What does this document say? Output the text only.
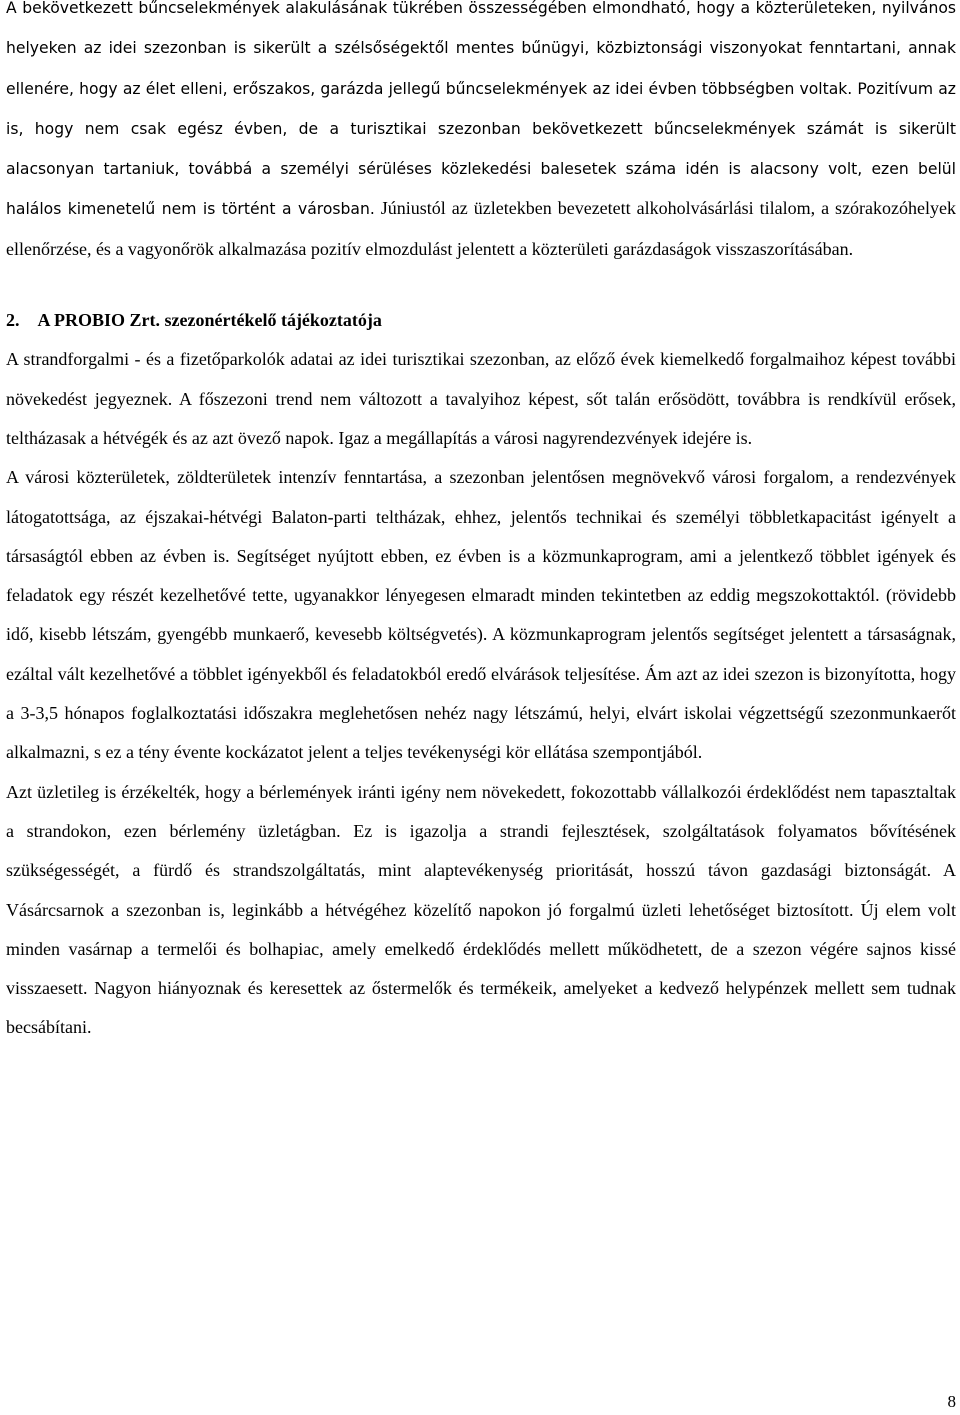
A bekövetkezett bűncselekmények alakulásának tükrében összességében elmondható, hogy a közterületeken, nyilvános helyeken az idei szezonban is sikerült a szélsőségektől mentes bűnügyi, közbiztonsági viszonyokat fenntartani, annak ellenére, hogy az élet elleni, erőszakos, garázda jellegű bűncselekmények az idei évben többségben voltak. Pozitívum az is, hogy nem csak egész évben, de a turisztikai szezonban bekövetkezett bűncselekmények számát is sikerült alacsonyan tartaniuk, továbbá a személyi sérüléses közlekedési balesetek száma idén is alacsony volt, ezen belül halálos kimenetelű nem is történt a városban. Júniustól az üzletekben bevezetett alkoholvásárlási tilalom, a szórakozóhelyek ellenőrzése, és a vagyonőrök alkalmazása pozitív elmozdulást jelentett a közterületi garázdaságok visszaszorításában.

2. A PROBIO Zrt. szezonértékelő tájékoztatója

A strandforgalmi - és a fizetőparkolók adatai az idei turisztikai szezonban, az előző évek kiemelkedő forgalmaihoz képest további növekedést jegyeznek. A főszezoni trend nem változott a tavalyihoz képest, sőt talán erősödött, továbbra is rendkívül erősek, teltházasak a hétvégék és az azt övező napok. Igaz a megállapítás a városi nagyrendezvények idejére is.

A városi közterületek, zöldterületek intenzív fenntartása, a szezonban jelentősen megnövekvő városi forgalom, a rendezvények látogatottsága, az éjszakai-hétvégi Balaton-parti teltházak, ehhez, jelentős technikai és személyi többletkapacitást igényelt a társaságtól ebben az évben is. Segítséget nyújtott ebben, ez évben is a közmunkaprogram, ami a jelentkező többlet igények és feladatok egy részét kezelhetővé tette, ugyanakkor lényegesen elmaradt minden tekintetben az eddig megszokottaktól. (rövidebb idő, kisebb létszám, gyengébb munkaerő, kevesebb költségvetés). A közmunkaprogram jelentős segítséget jelentett a társaságnak, ezáltal vált kezelhetővé a többlet igényekből és feladatokból eredő elvárások teljesítése. Ám azt az idei szezon is bizonyította, hogy a 3-3,5 hónapos foglalkoztatási időszakra meglehetősen nehéz nagy létszámú, helyi, elvárt iskolai végzettségű szezonmunkaerőt alkalmazni, s ez a tény évente kockázatot jelent a teljes tevékenységi kör ellátása szempontjából.

Azt üzletileg is érzékelték, hogy a bérlemények iránti igény nem növekedett, fokozottabb vállalkozói érdeklődést nem tapasztaltak a strandokon, ezen bérlemény üzletágban. Ez is igazolja a strandi fejlesztések, szolgáltatások folyamatos bővítésének szükségességét, a fürdő és strandszolgáltatás, mint alaptevékenység prioritását, hosszú távon gazdasági biztonságát. A Vásárcsarnok a szezonban is, leginkább a hétvégéhez közelítő napokon jó forgalmú üzleti lehetőséget biztosított. Új elem volt minden vasárnap a termelői és bolhapiac, amely emelkedő érdeklődés mellett működhetett, de a szezon végére sajnos kissé visszaesett. Nagyon hiányoznak és keresettek az őstermelők és termékeik, amelyeket a kedvező helypénzek mellett sem tudnak becsábítani.

8
